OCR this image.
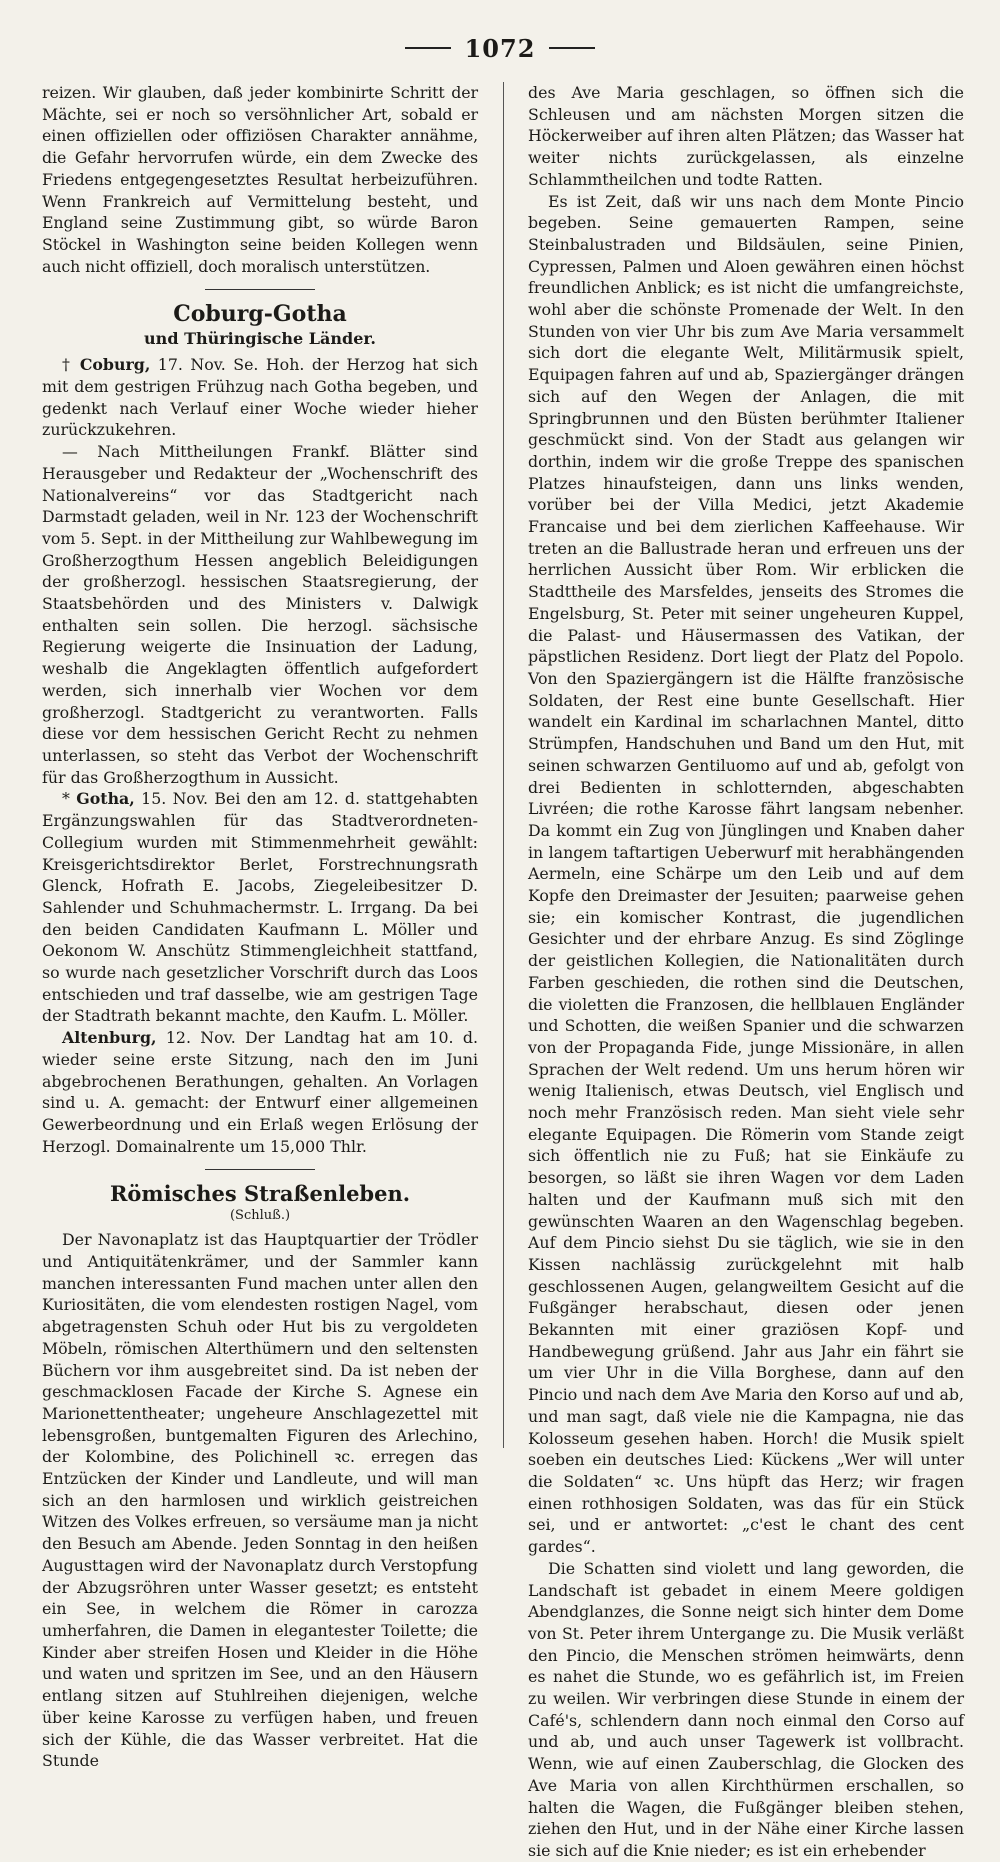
1072

reizen. Wir glauben, daß jeder kombinirte Schritt der Mächte, sei er noch so versöhnlicher Art, sobald er einen offiziellen oder offiziösen Charakter annähme, die Gefahr hervorrufen würde, ein dem Zwecke des Friedens entgegengesetztes Resultat herbeizuführen. Wenn Frankreich auf Vermittelung besteht, und England seine Zustimmung gibt, so würde Baron Stöckel in Washington seine beiden Kollegen wenn auch nicht offiziell, doch moralisch unterstützen.

Coburg-Gotha
und Thüringische Länder.

† Coburg, 17. Nov. Se. Hoh. der Herzog hat sich mit dem gestrigen Frühzug nach Gotha begeben, und gedenkt nach Verlauf einer Woche wieder hieher zurückzukehren.

— Nach Mittheilungen Frankf. Blätter sind Herausgeber und Redakteur der „Wochenschrift des Nationalvereins“ vor das Stadtgericht nach Darmstadt geladen, weil in Nr. 123 der Wochenschrift vom 5. Sept. in der Mittheilung zur Wahlbewegung im Großherzogthum Hessen angeblich Beleidigungen der großherzogl. hessischen Staatsregierung, der Staatsbehörden und des Ministers v. Dalwigk enthalten sein sollen. Die herzogl. sächsische Regierung weigerte die Insinuation der Ladung, weshalb die Angeklagten öffentlich aufgefordert werden, sich innerhalb vier Wochen vor dem großherzogl. Stadtgericht zu verantworten. Falls diese vor dem hessischen Gericht Recht zu nehmen unterlassen, so steht das Verbot der Wochenschrift für das Großherzogthum in Aussicht.

* Gotha, 15. Nov. Bei den am 12. d. stattgehabten Ergänzungswahlen für das Stadtverordneten-Collegium wurden mit Stimmenmehrheit gewählt: Kreisgerichtsdirektor Berlet, Forstrechnungsrath Glenck, Hofrath E. Jacobs, Ziegeleibesitzer D. Sahlender und Schuhmachermstr. L. Irrgang. Da bei den beiden Candidaten Kaufmann L. Möller und Oekonom W. Anschütz Stimmengleichheit stattfand, so wurde nach gesetzlicher Vorschrift durch das Loos entschieden und traf dasselbe, wie am gestrigen Tage der Stadtrath bekannt machte, den Kaufm. L. Möller.

Altenburg, 12. Nov. Der Landtag hat am 10. d. wieder seine erste Sitzung, nach den im Juni abgebrochenen Berathungen, gehalten. An Vorlagen sind u. A. gemacht: der Entwurf einer allgemeinen Gewerbeordnung und ein Erlaß wegen Erlösung der Herzogl. Domainalrente um 15,000 Thlr.

Römisches Straßenleben.
(Schluß.)

Der Navonaplatz ist das Hauptquartier der Trödler und Antiquitätenkrämer, und der Sammler kann manchen interessanten Fund machen unter allen den Kuriositäten, die vom elendesten rostigen Nagel, vom abgetragensten Schuh oder Hut bis zu vergoldeten Möbeln, römischen Alterthümern und den seltensten Büchern vor ihm ausgebreitet sind. Da ist neben der geschmacklosen Facade der Kirche S. Agnese ein Marionettentheater; ungeheure Anschlagezettel mit lebensgroßen, buntgemalten Figuren des Arlechino, der Kolombine, des Polichinell ꝛc. erregen das Entzücken der Kinder und Landleute, und will man sich an den harmlosen und wirklich geistreichen Witzen des Volkes erfreuen, so versäume man ja nicht den Besuch am Abende. Jeden Sonntag in den heißen Augusttagen wird der Navonaplatz durch Verstopfung der Abzugsröhren unter Wasser gesetzt; es entsteht ein See, in welchem die Römer in carozza umherfahren, die Damen in elegantester Toilette; die Kinder aber streifen Hosen und Kleider in die Höhe und waten und spritzen im See, und an den Häusern entlang sitzen auf Stuhlreihen diejenigen, welche über keine Karosse zu verfügen haben, und freuen sich der Kühle, die das Wasser verbreitet. Hat die Stunde

des Ave Maria geschlagen, so öffnen sich die Schleusen und am nächsten Morgen sitzen die Höckerweiber auf ihren alten Plätzen; das Wasser hat weiter nichts zurückgelassen, als einzelne Schlammtheilchen und todte Ratten.

Es ist Zeit, daß wir uns nach dem Monte Pincio begeben. Seine gemauerten Rampen, seine Steinbalustraden und Bildsäulen, seine Pinien, Cypressen, Palmen und Aloen gewähren einen höchst freundlichen Anblick; es ist nicht die umfangreichste, wohl aber die schönste Promenade der Welt. In den Stunden von vier Uhr bis zum Ave Maria versammelt sich dort die elegante Welt, Militärmusik spielt, Equipagen fahren auf und ab, Spaziergänger drängen sich auf den Wegen der Anlagen, die mit Springbrunnen und den Büsten berühmter Italiener geschmückt sind. Von der Stadt aus gelangen wir dorthin, indem wir die große Treppe des spanischen Platzes hinaufsteigen, dann uns links wenden, vorüber bei der Villa Medici, jetzt Akademie Francaise und bei dem zierlichen Kaffeehause. Wir treten an die Ballustrade heran und erfreuen uns der herrlichen Aussicht über Rom. Wir erblicken die Stadttheile des Marsfeldes, jenseits des Stromes die Engelsburg, St. Peter mit seiner ungeheuren Kuppel, die Palast- und Häusermassen des Vatikan, der päpstlichen Residenz. Dort liegt der Platz del Popolo. Von den Spaziergängern ist die Hälfte französische Soldaten, der Rest eine bunte Gesellschaft. Hier wandelt ein Kardinal im scharlachnen Mantel, ditto Strümpfen, Handschuhen und Band um den Hut, mit seinen schwarzen Gentiluomo auf und ab, gefolgt von drei Bedienten in schlotternden, abgeschabten Livréen; die rothe Karosse fährt langsam nebenher. Da kommt ein Zug von Jünglingen und Knaben daher in langem taftartigen Ueberwurf mit herabhängenden Aermeln, eine Schärpe um den Leib und auf dem Kopfe den Dreimaster der Jesuiten; paarweise gehen sie; ein komischer Kontrast, die jugendlichen Gesichter und der ehrbare Anzug. Es sind Zöglinge der geistlichen Kollegien, die Nationalitäten durch Farben geschieden, die rothen sind die Deutschen, die violetten die Franzosen, die hellblauen Engländer und Schotten, die weißen Spanier und die schwarzen von der Propaganda Fide, junge Missionäre, in allen Sprachen der Welt redend. Um uns herum hören wir wenig Italienisch, etwas Deutsch, viel Englisch und noch mehr Französisch reden. Man sieht viele sehr elegante Equipagen. Die Römerin vom Stande zeigt sich öffentlich nie zu Fuß; hat sie Einkäufe zu besorgen, so läßt sie ihren Wagen vor dem Laden halten und der Kaufmann muß sich mit den gewünschten Waaren an den Wagenschlag begeben. Auf dem Pincio siehst Du sie täglich, wie sie in den Kissen nachlässig zurückgelehnt mit halb geschlossenen Augen, gelangweiltem Gesicht auf die Fußgänger herabschaut, diesen oder jenen Bekannten mit einer graziösen Kopf- und Handbewegung grüßend. Jahr aus Jahr ein fährt sie um vier Uhr in die Villa Borghese, dann auf den Pincio und nach dem Ave Maria den Korso auf und ab, und man sagt, daß viele nie die Kampagna, nie das Kolosseum gesehen haben. Horch! die Musik spielt soeben ein deutsches Lied: Kückens „Wer will unter die Soldaten“ ꝛc. Uns hüpft das Herz; wir fragen einen rothhosigen Soldaten, was das für ein Stück sei, und er antwortet: „c'est le chant des cent gardes“.

Die Schatten sind violett und lang geworden, die Landschaft ist gebadet in einem Meere goldigen Abendglanzes, die Sonne neigt sich hinter dem Dome von St. Peter ihrem Untergange zu. Die Musik verläßt den Pincio, die Menschen strömen heimwärts, denn es nahet die Stunde, wo es gefährlich ist, im Freien zu weilen. Wir verbringen diese Stunde in einem der Café's, schlendern dann noch einmal den Corso auf und ab, und auch unser Tagewerk ist vollbracht. Wenn, wie auf einen Zauberschlag, die Glocken des Ave Maria von allen Kirchthürmen erschallen, so halten die Wagen, die Fußgänger bleiben stehen, ziehen den Hut, und in der Nähe einer Kirche lassen sie sich auf die Knie nieder; es ist ein erhebender
